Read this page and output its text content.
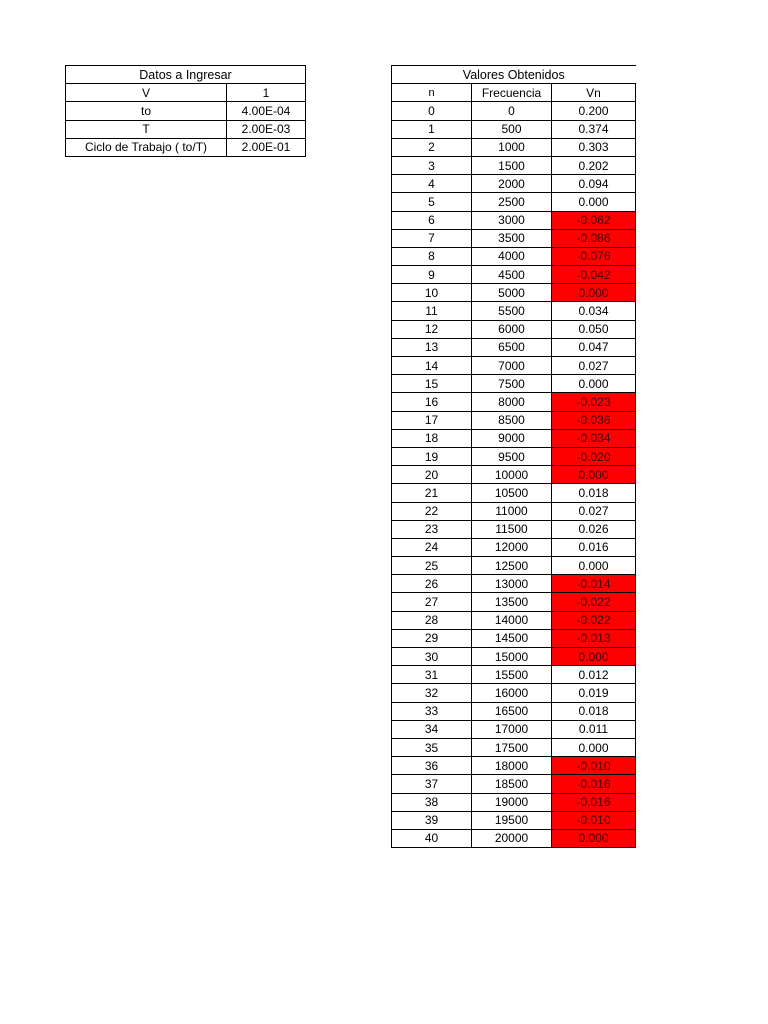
Datos a Ingresar	
V	1
to	4.00E-04
T	2.00E-03
Ciclo de Trabajo ( to/T)	2.00E-01
Valores Obtenidos		
n	Frecuencia	Vn
0	0	0.200
1	500	0.374
2	1000	0.303
3	1500	0.202
4	2000	0.094
5	2500	0.000
6	3000	-0.062
7	3500	-0.086
8	4000	-0.076
9	4500	-0.042
10	5000	0.000
11	5500	0.034
12	6000	0.050
13	6500	0.047
14	7000	0.027
15	7500	0.000
16	8000	-0.023
17	8500	-0.036
18	9000	-0.034
19	9500	-0.020
20	10000	0.000
21	10500	0.018
22	11000	0.027
23	11500	0.026
24	12000	0.016
25	12500	0.000
26	13000	-0.014
27	13500	-0.022
28	14000	-0.022
29	14500	-0.013
30	15000	0.000
31	15500	0.012
32	16000	0.019
33	16500	0.018
34	17000	0.011
35	17500	0.000
36	18000	-0.010
37	18500	-0.016
38	19000	-0.016
39	19500	-0.010
40	20000	0.000
